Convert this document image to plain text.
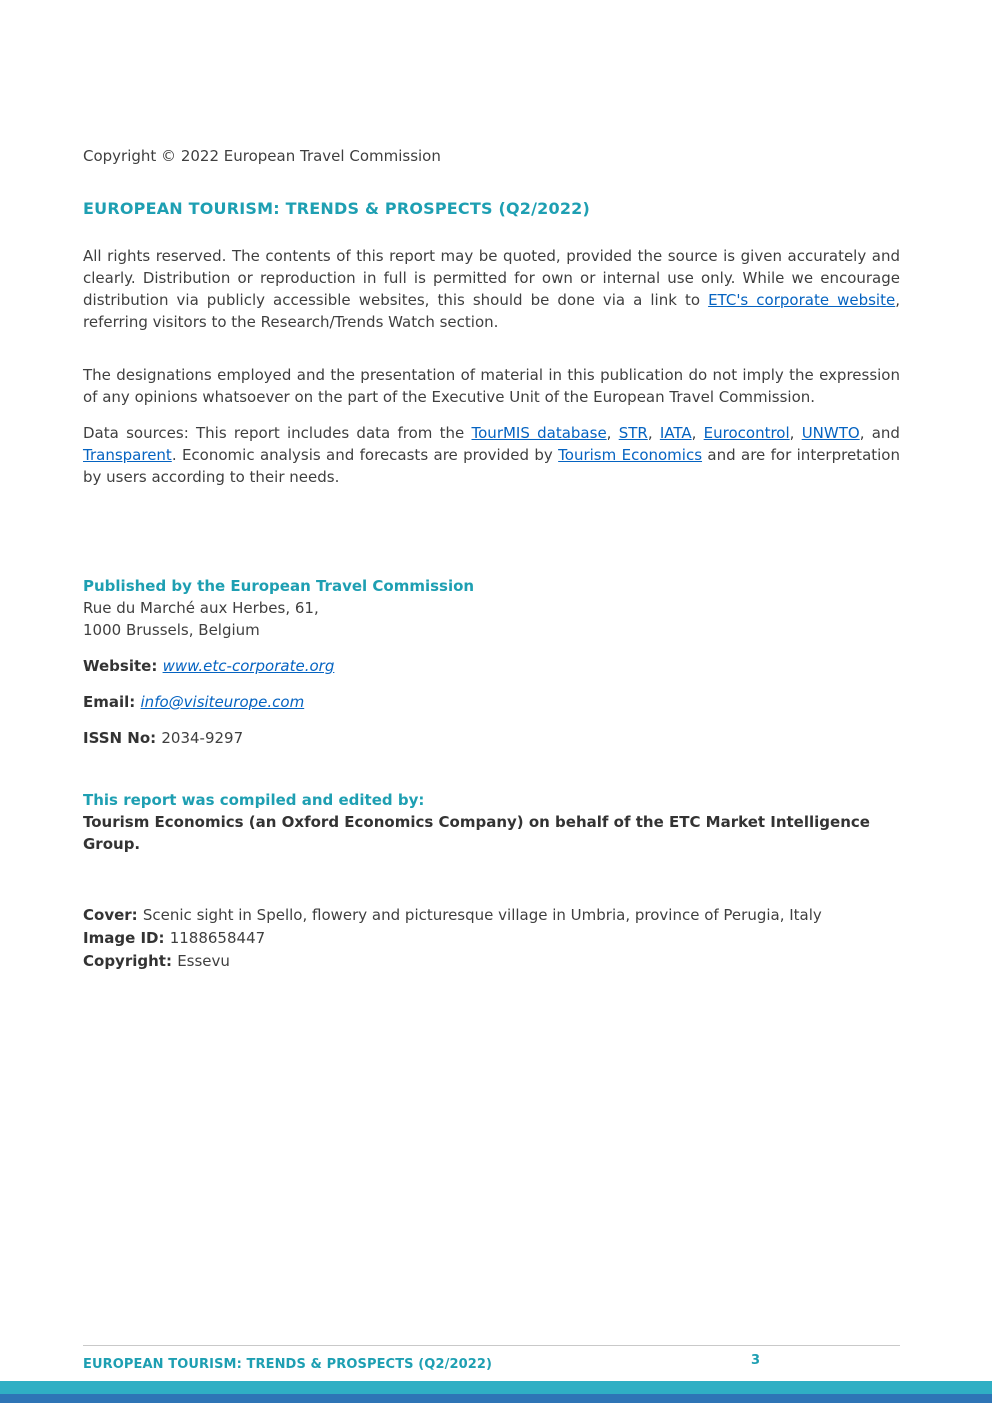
Copyright © 2022 European Travel Commission

EUROPEAN TOURISM: TRENDS & PROSPECTS (Q2/2022)

All rights reserved. The contents of this report may be quoted, provided the source is given accurately and clearly. Distribution or reproduction in full is permitted for own or internal use only. While we encourage distribution via publicly accessible websites, this should be done via a link to ETC's corporate website, referring visitors to the Research/Trends Watch section.

The designations employed and the presentation of material in this publication do not imply the expression of any opinions whatsoever on the part of the Executive Unit of the European Travel Commission.

Data sources: This report includes data from the TourMIS database, STR, IATA, Eurocontrol, UNWTO, and Transparent. Economic analysis and forecasts are provided by Tourism Economics and are for interpretation by users according to their needs.

Published by the European Travel Commission
Rue du Marché aux Herbes, 61,
1000 Brussels, Belgium
Website: www.etc-corporate.org
Email: info@visiteurope.com
ISSN No: 2034-9297
This report was compiled and edited by:
Tourism Economics (an Oxford Economics Company) on behalf of the ETC Market Intelligence Group.
Cover: Scenic sight in Spello, flowery and picturesque village in Umbria, province of Perugia, Italy
Image ID: 1188658447
Copyright: Essevu
EUROPEAN TOURISM: TRENDS & PROSPECTS (Q2/2022)	3
